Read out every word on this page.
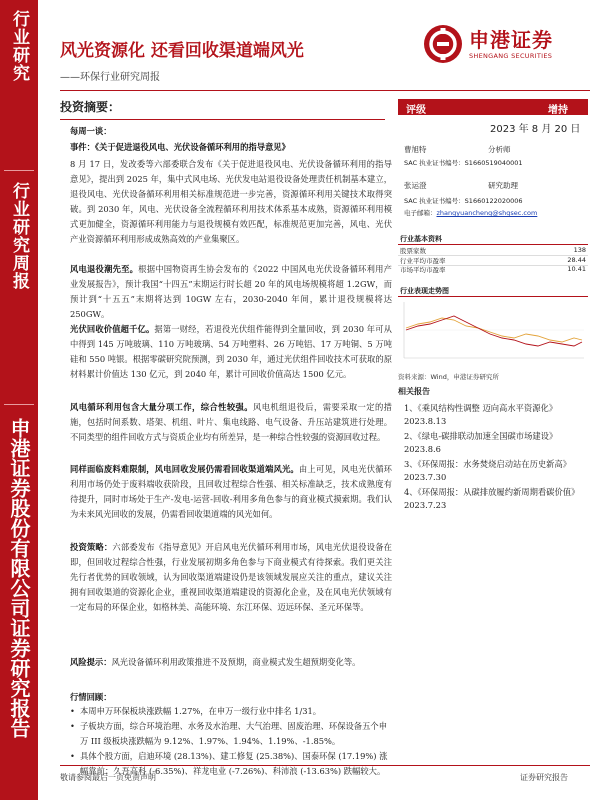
行业研究
行业研究周报
申港证券股份有限公司证券研究报告
风光资源化 还看回收渠道端风光
——环保行业研究周报
申港证券
SHENGANG SECURITIES
投资摘要：
每周一谈：
事件：《关于促进退役风电、光伏设备循环利用的指导意见》
8 月 17 日，发改委等六部委联合发布《关于促进退役风电、光伏设备循环利用的指导意见》，提出到 2025 年，集中式风电场、光伏发电站退役设备处理责任机制基本建立，退役风电、光伏设备循环利用相关标准规范进一步完善，资源循环利用关键技术取得突破。到 2030 年，风电、光伏设备全流程循环利用技术体系基本成熟，资源循环利用模式更加健全，资源循环利用能力与退役规模有效匹配，标准规范更加完善，风电、光伏产业资源循环利用形成成熟高效的产业集聚区。
风电退役潮先至。根据中国物资再生协会发布的《2022 中国风电光伏设备循环利用产业发展报告》，预计我国“十四五”末期运行时长超 20 年的风电场规模将超 1.2GW，而预计到“十五五”末期将达到 10GW 左右，2030-2040 年间，累计退役规模将达 250GW。
光伏回收价值超千亿。据第一财经，若退役光伏组件能得到全量回收，到 2030 年可从中得到 145 万吨玻璃、110 万吨玻璃、54 万吨塑料、26 万吨铝、17 万吨铜、5 万吨硅和 550 吨银。根据零碳研究院预测，到 2030 年，通过光伏组件回收技术可获取的原材料累计价值达 130 亿元，到 2040 年，累计可回收价值高达 1500 亿元。
风电循环利用包含大量分项工作，综合性较强。风电机组退役后，需要采取一定的措施，包括时间系数、塔架、机组、叶片、集电线路、电气设备、升压站建筑进行处理。不同类型的组件回收方式与资质企业均有所差异，是一种综合性较强的资源回收过程。
同样面临废料难限制，风电回收发展仍需看回收渠道端风光。由上可见，风电光伏循环利用市场仍处于废料端收获阶段，且回收过程综合性强、相关标准缺乏，技术成熟度有待提升，同时市场处于生产-发电-运营-回收-利用多角色参与的商业模式摸索期。我们认为未来风光回收的发展，仍需看回收渠道端的风光如何。
投资策略：六部委发布《指导意见》开启风电光伏循环利用市场，风电光伏退役设备在即，但回收过程综合性强，行业发展初期多角色参与下商业模式有待探索。我们更关注先行者优势的回收领域，认为回收渠道端建设仍是该领域发展应关注的重点，建议关注拥有回收渠道的资源化企业，重视回收渠道端建设的资源化企业，及在风电光伏领域有一定布局的环保企业，如格林美、高能环境、东江环保、迈远环保、圣元环保等。
风险提示：风光设备循环利用政策推进不及预期，商业模式发生超预期变化等。
行情回顾：
• 本周申万环保板块涨跌幅 1.27%，在申万一级行业中排名 1/31。
• 子板块方面，综合环境治理、水务及水治理、大气治理、固废治理、环保设备五个申万 III 级板块涨跌幅为 9.12%、1.97%、1.94%、1.19%、-1.85%。
• 具体个股方面，启迪环境 (28.13%)、建工修复 (25.38%)、国泰环保 (17.19%) 涨幅靠前；久吾高科 (-6.35%)、祥龙电业 (-7.26%)、科沛浪 (-13.63%) 跌幅较大。
评级	增持
2023 年 8 月 20 日
曹旭特	分析师
SAC 执业证书编号：S1660519040001
张运澄	研究助理
SAC 执业证书编号：S1660122020006
电子邮箱：zhangyuancheng@shgsec.com
行业基本资料
股票家数	138
行业平均市盈率	28.44
市场平均市盈率	10.41
行业表现走势图
资料来源：Wind，申港证券研究所
相关报告
1、《乘风结构性调整 迈向高水平资源化》2023.8.13
2、《绿电-碳排联动加速全国碳市场建设》2023.8.6
3、《环保周报：水务焚烧启动站在历史新高》2023.7.30
4、《环保周报：从碳排放履约新周期看碳价值》2023.7.23
敬请参阅最后一页免责声明	证券研究报告
